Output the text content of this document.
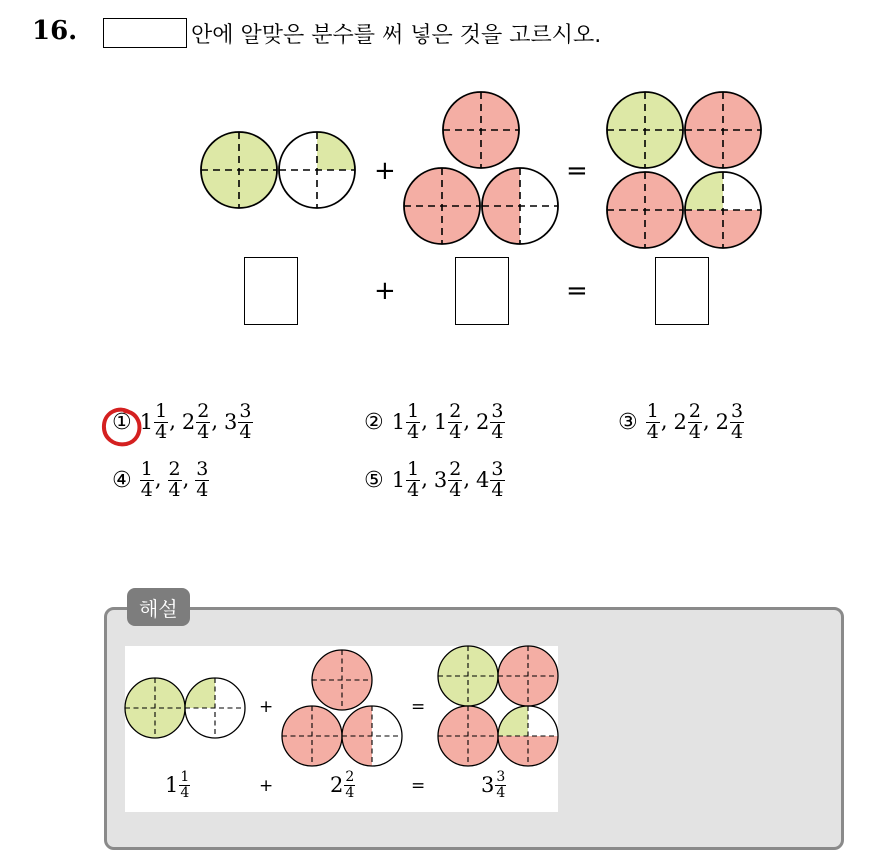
16.	안에 알맞은 분수를 써 넣은 것을 고르시오.
+	=
+	=
① $1 \frac{1}{4}$ , $2 \frac{2}{4}$ , $3 \frac{3}{4}$	② $1 \frac{1}{4}$ , $1 \frac{2}{4}$ , $2 \frac{3}{4}$	③ $\frac{1}{4}$ , $2 \frac{2}{4}$ , $2 \frac{3}{4}$
④ $\frac{1}{4}$ , $\frac{2}{4}$ , $\frac{3}{4}$	⑤ $1 \frac{1}{4}$ , $3 \frac{2}{4}$ , $4 \frac{3}{4}$
해설
+	=
+	=
$1 \frac{1}{4}$	$2 \frac{2}{4}$	$3 \frac{3}{4}$
